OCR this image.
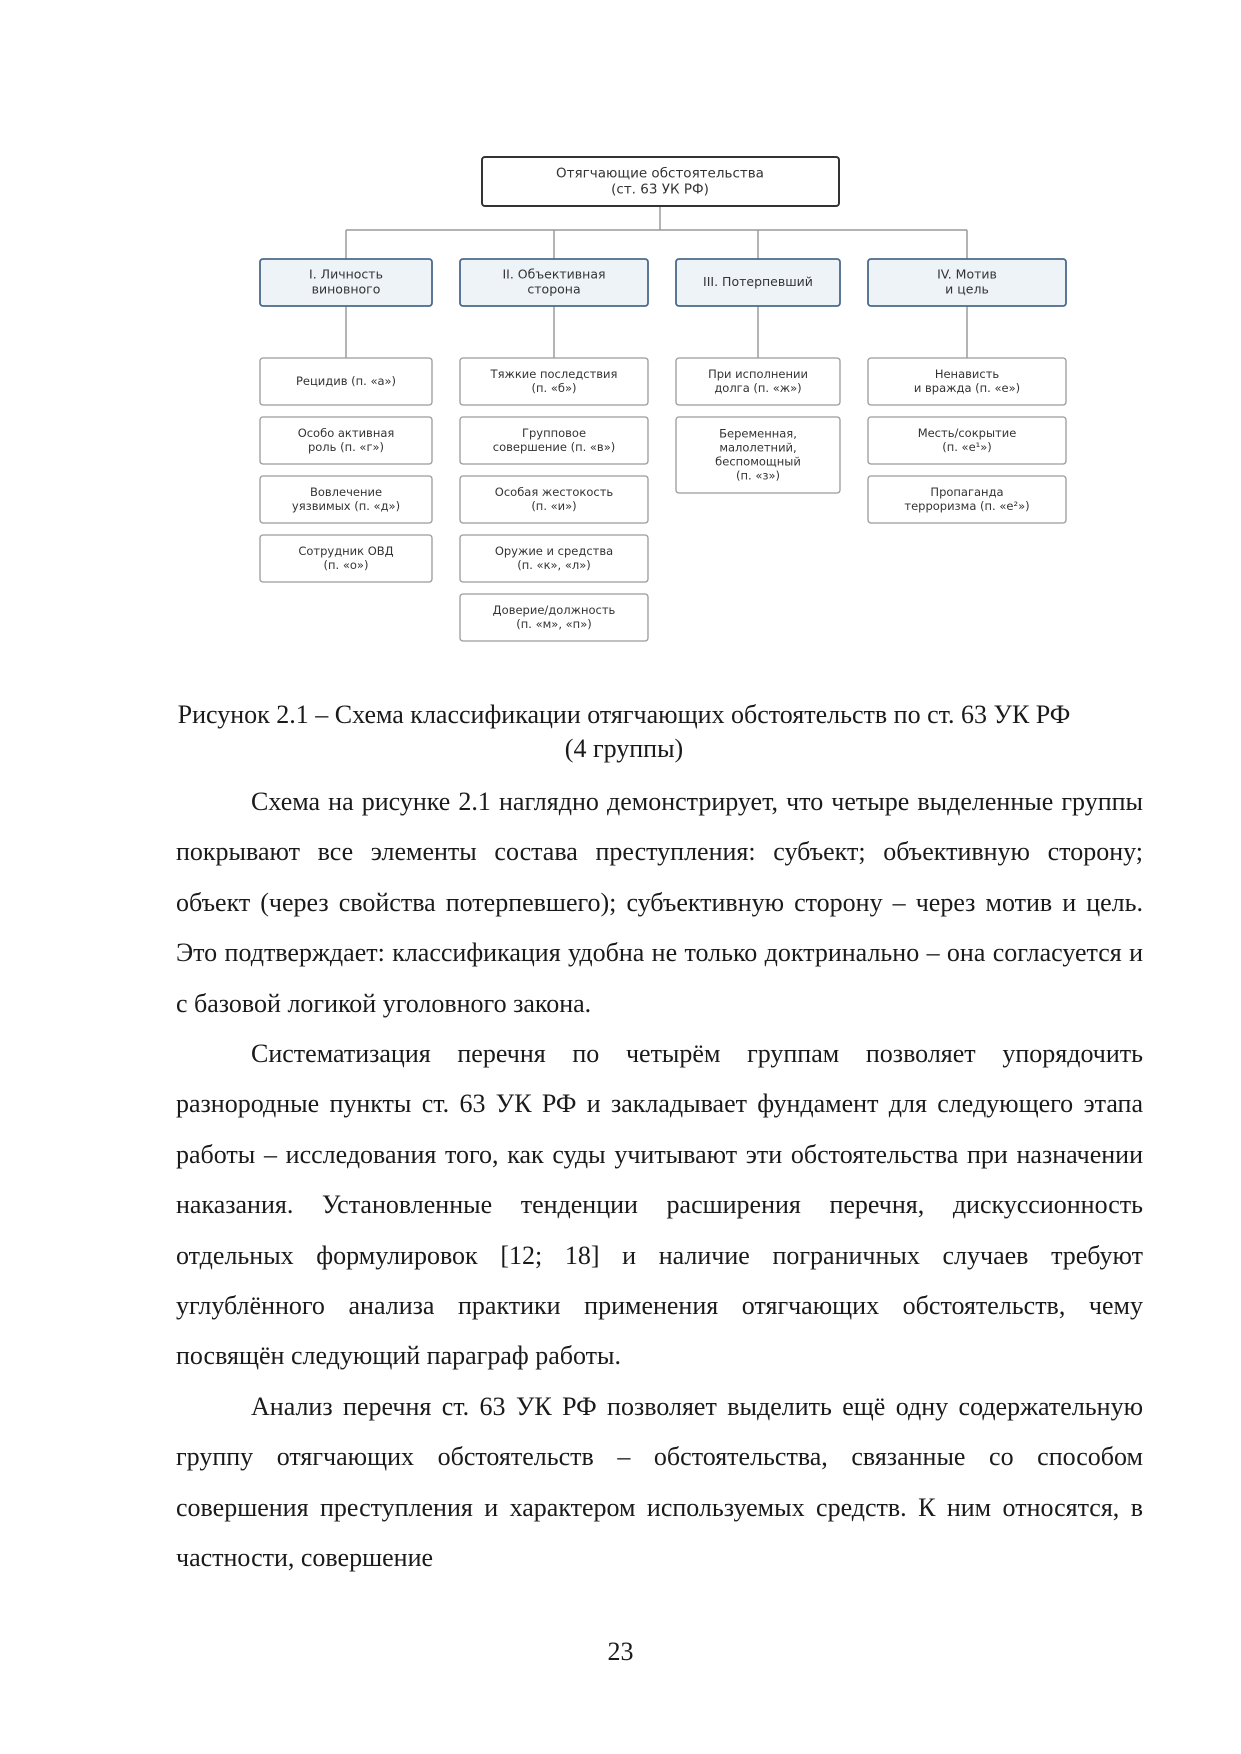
Отягчающие обстоятельства
(ст. 63 УК РФ)
I. Личность
виновного
Рецидив (п. «а»)
Особо активная
роль (п. «г»)
Вовлечение
уязвимых (п. «д»)
Сотрудник ОВД
(п. «о»)
II. Объективная
сторона
Тяжкие последствия
(п. «б»)
Групповое
совершение (п. «в»)
Особая жестокость
(п. «и»)
Оружие и средства
(п. «к», «л»)
Доверие/должность
(п. «м», «п»)
III. Потерпевший
При исполнении
долга (п. «ж»)
Беременная,
малолетний,
беспомощный
(п. «з»)
IV. Мотив
и цель
Ненависть
и вражда (п. «е»)
Месть/сокрытие
(п. «е¹»)
Пропаганда
терроризма (п. «е²»)

Рисунок 2.1 – Схема классификации отягчающих обстоятельств по ст. 63 УК РФ (4 группы)

Схема на рисунке 2.1 наглядно демонстрирует, что четыре выделенные группы покрывают все элементы состава преступления: субъект; объективную сторону; объект (через свойства потерпевшего); субъективную сторону – через мотив и цель. Это подтверждает: классификация удобна не только доктринально – она согласуется и с базовой логикой уголовного закона.

Систематизация перечня по четырём группам позволяет упорядочить разнородные пункты ст. 63 УК РФ и закладывает фундамент для следующего этапа работы – исследования того, как суды учитывают эти обстоятельства при назначении наказания. Установленные тенденции расширения перечня, дискуссионность отдельных формулировок [12; 18] и наличие пограничных случаев требуют углублённого анализа практики применения отягчающих обстоятельств, чему посвящён следующий параграф работы.

Анализ перечня ст. 63 УК РФ позволяет выделить ещё одну содержательную группу отягчающих обстоятельств – обстоятельства, связанные со способом совершения преступления и характером используемых средств. К ним относятся, в частности, совершение

23
